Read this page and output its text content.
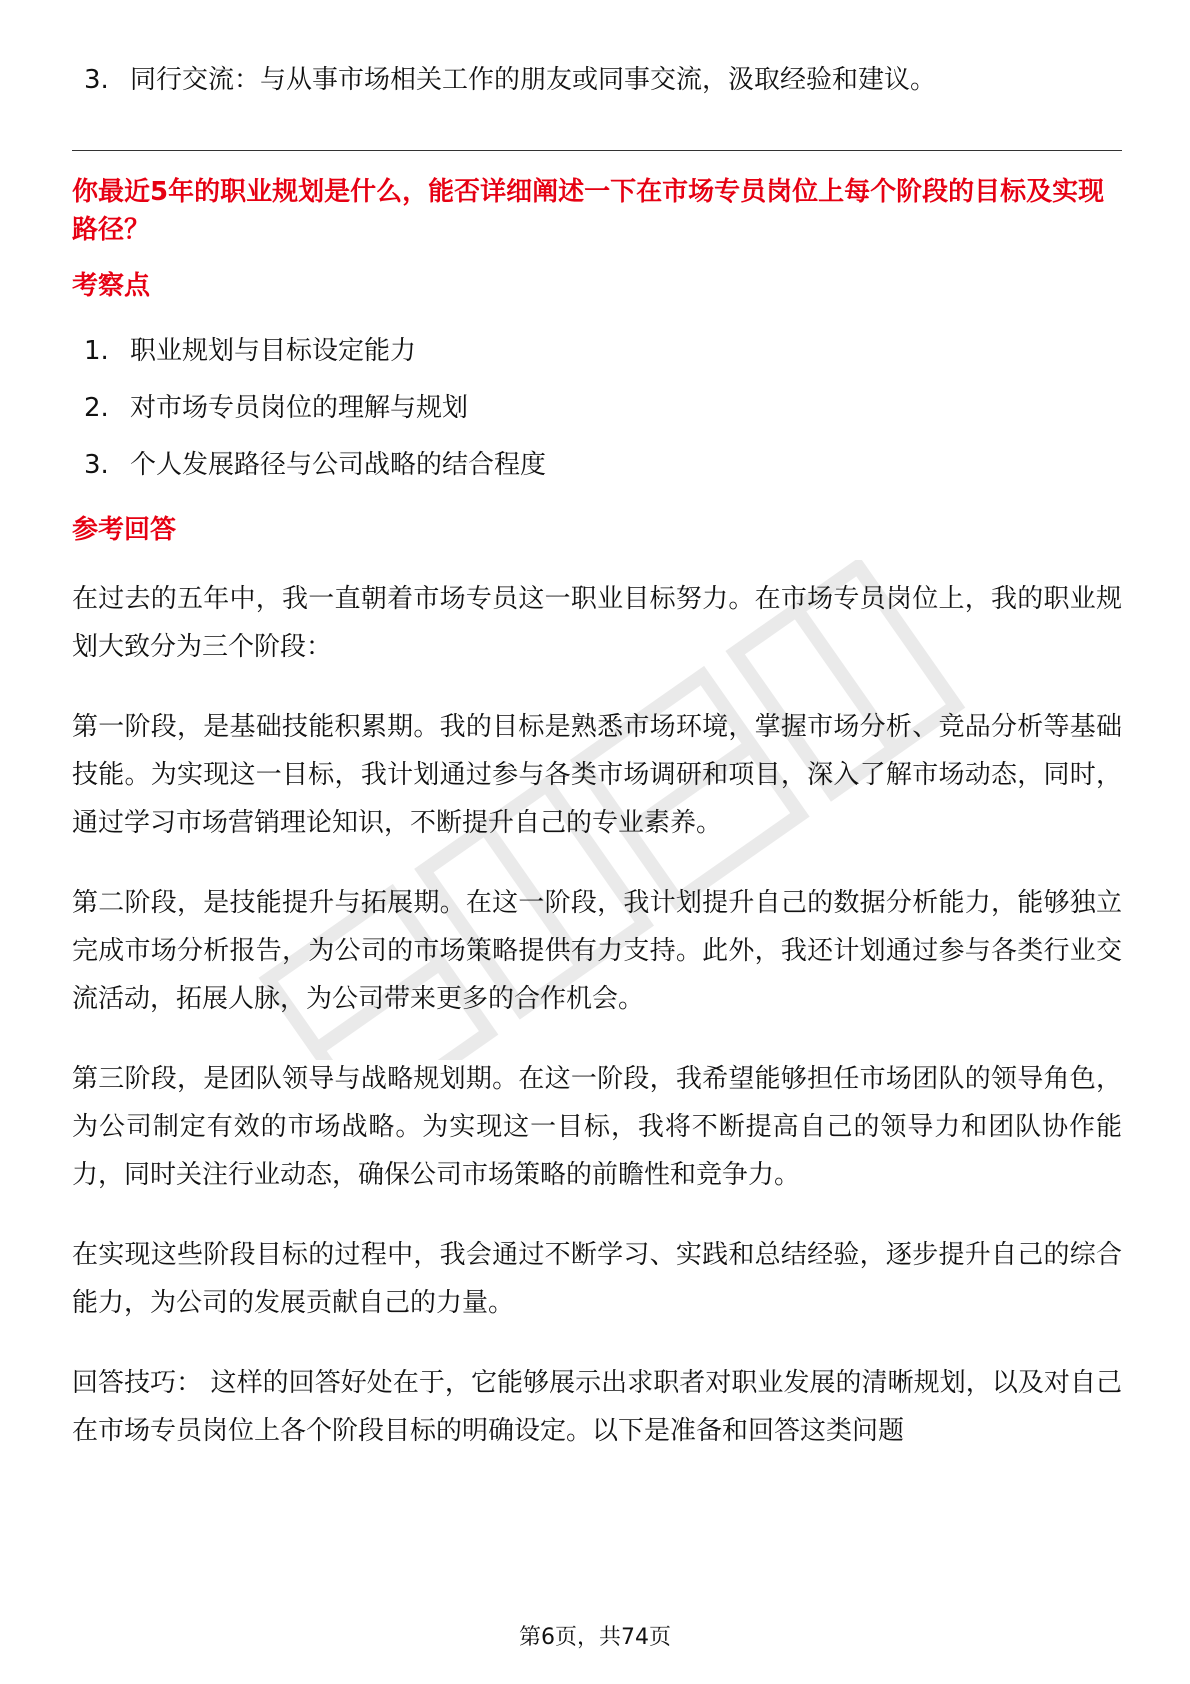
3. 同行交流：与从事市场相关工作的朋友或同事交流，汲取经验和建议。
你最近5年的职业规划是什么，能否详细阐述一下在市场专员岗位上每个阶段的目标及实现路径？
考察点
1. 职业规划与目标设定能力
2. 对市场专员岗位的理解与规划
3. 个人发展路径与公司战略的结合程度
参考回答

在过去的五年中，我一直朝着市场专员这一职业目标努力。在市场专员岗位上，我的职业规划大致分为三个阶段：

第一阶段，是基础技能积累期。我的目标是熟悉市场环境，掌握市场分析、竞品分析等基础技能。为实现这一目标，我计划通过参与各类市场调研和项目，深入了解市场动态，同时，通过学习市场营销理论知识，不断提升自己的专业素养。

第二阶段，是技能提升与拓展期。在这一阶段，我计划提升自己的数据分析能力，能够独立完成市场分析报告，为公司的市场策略提供有力支持。此外，我还计划通过参与各类行业交流活动，拓展人脉，为公司带来更多的合作机会。

第三阶段，是团队领导与战略规划期。在这一阶段，我希望能够担任市场团队的领导角色，为公司制定有效的市场战略。为实现这一目标，我将不断提高自己的领导力和团队协作能力，同时关注行业动态，确保公司市场策略的前瞻性和竞争力。

在实现这些阶段目标的过程中，我会通过不断学习、实践和总结经验，逐步提升自己的综合能力，为公司的发展贡献自己的力量。

回答技巧： 这样的回答好处在于，它能够展示出求职者对职业发展的清晰规划，以及对自己在市场专员岗位上各个阶段目标的明确设定。以下是准备和回答这类问题

第6页，共74页
